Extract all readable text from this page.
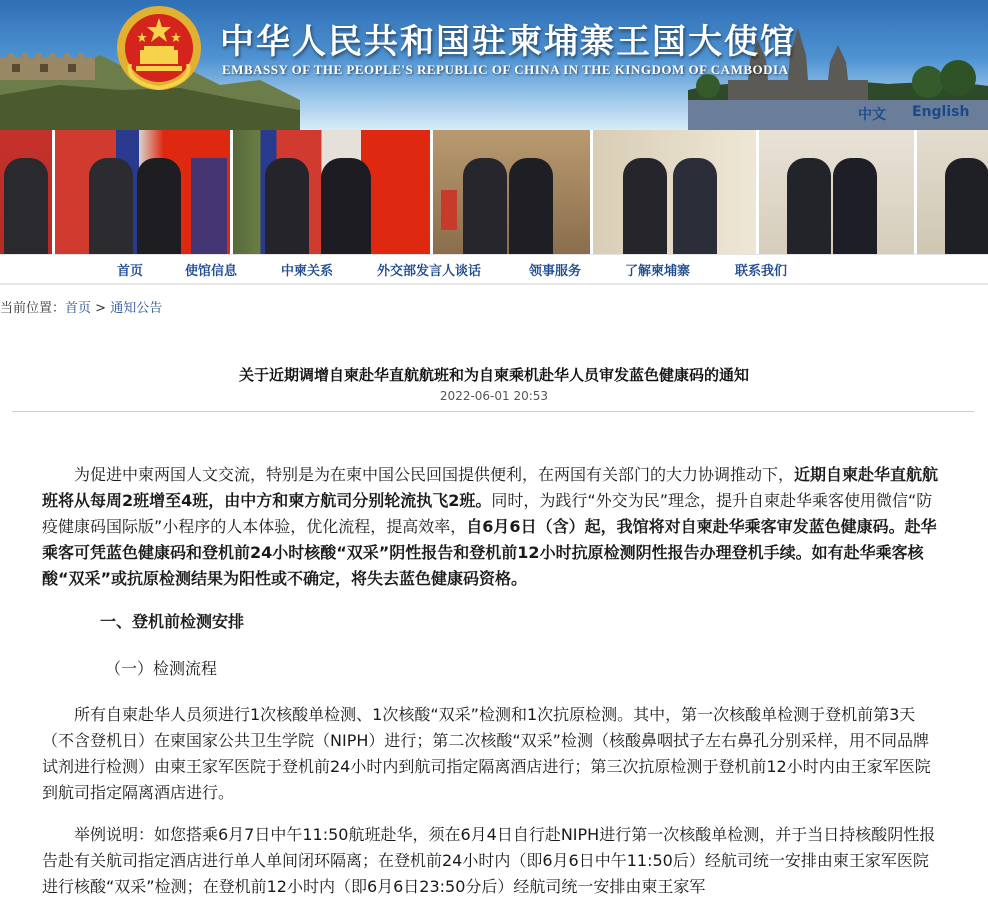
中华人民共和国驻柬埔寨王国大使馆
EMBASSY OF THE PEOPLE'S REPUBLIC OF CHINA IN THE KINGDOM OF CAMBODIA
中文 English
首页	使馆信息	中柬关系	外交部发言人谈话	领事服务	了解柬埔寨	联系我们
当前位置：首页 > 通知公告
关于近期调增自柬赴华直航航班和为自柬乘机赴华人员审发蓝色健康码的通知
2022-06-01 20:53
为促进中柬两国人文交流，特别是为在柬中国公民回国提供便利，在两国有关部门的大力协调推动下，近期自柬赴华直航航班将从每周2班增至4班，由中方和柬方航司分别轮流执飞2班。同时，为践行“外交为民”理念，提升自柬赴华乘客使用微信“防疫健康码国际版”小程序的人本体验，优化流程，提高效率，自6月6日（含）起，我馆将对自柬赴华乘客审发蓝色健康码。赴华乘客可凭蓝色健康码和登机前24小时核酸“双采”阴性报告和登机前12小时抗原检测阴性报告办理登机手续。如有赴华乘客核酸“双采”或抗原检测结果为阳性或不确定，将失去蓝色健康码资格。
一、登机前检测安排
（一）检测流程
所有自柬赴华人员须进行1次核酸单检测、1次核酸“双采”检测和1次抗原检测。其中，第一次核酸单检测于登机前第3天（不含登机日）在柬国家公共卫生学院（NIPH）进行；第二次核酸“双采”检测（核酸鼻咽拭子左右鼻孔分别采样，用不同品牌试剂进行检测）由柬王家军医院于登机前24小时内到航司指定隔离酒店进行；第三次抗原检测于登机前12小时内由王家军医院到航司指定隔离酒店进行。
举例说明：如您搭乘6月7日中午11:50航班赴华，须在6月4日自行赴NIPH进行第一次核酸单检测，并于当日持核酸阴性报告赴有关航司指定酒店进行单人单间闭环隔离；在登机前24小时内（即6月6日中午11:50后）经航司统一安排由柬王家军医院进行核酸“双采”检测；在登机前12小时内（即6月6日23:50分后）经航司统一安排由柬王家军
